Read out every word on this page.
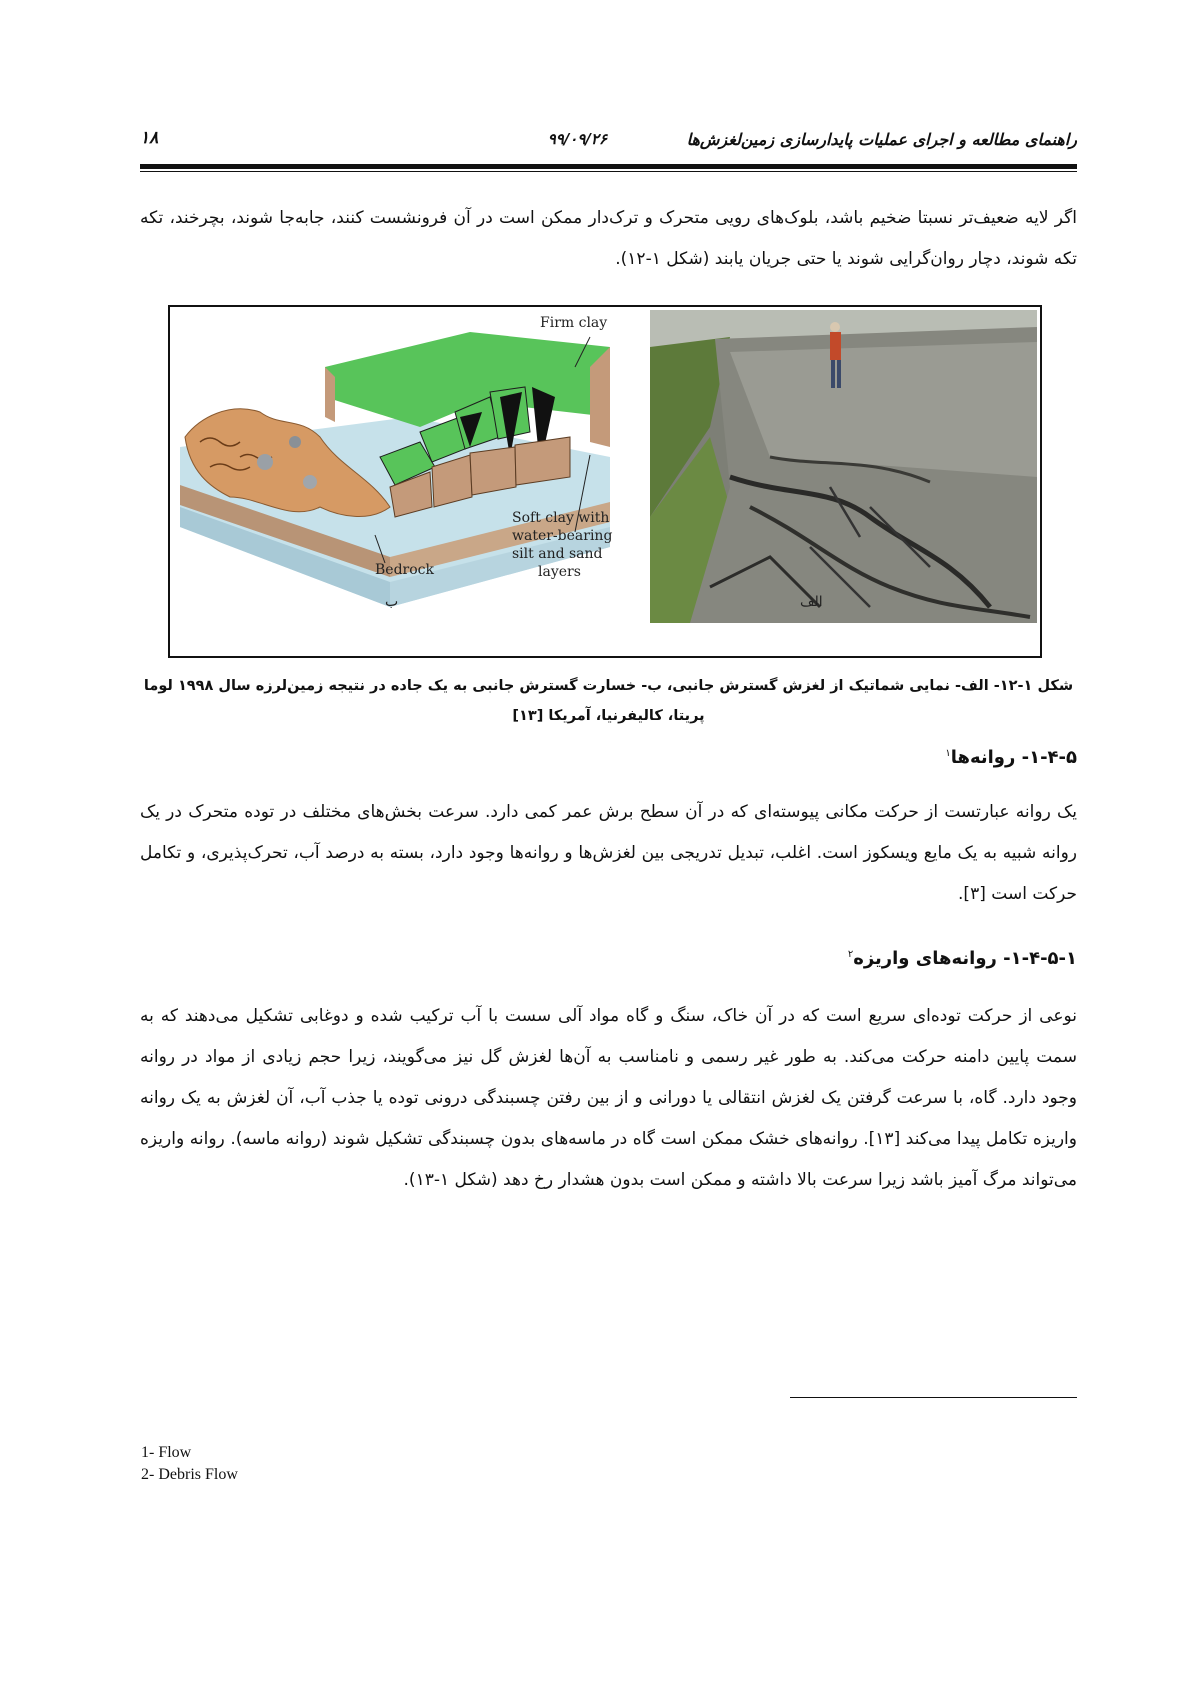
راهنمای مطالعه و اجرای عملیات پایدارسازی زمین‌لغزش‌ها
۹۹/۰۹/۲۶
۱۸

اگر لایه ضعیف‌تر نسبتا ضخیم باشد، بلوک‌های رویی متحرک و ترک‌دار ممکن است در آن فرونشست کنند، جابه‌جا شوند، بچرخند، تکه تکه شوند، دچار روان‌گرایی شوند یا حتی جریان یابند (شکل ۱-۱۲).

Firm clay
Soft clay with
water-bearing
silt and sand
layers
Bedrock
ب	الف
شکل ۱-۱۲- الف- نمایی شماتیک از لغزش گسترش جانبی، ب- خسارت گسترش جانبی به یک جاده در نتیجه زمین‌لرزه سال ۱۹۹۸ لوما
پریتا، کالیفرنیا، آمریکا [۱۳]
۱-۴-۵- روانه‌ها$^۱$

یک روانه عبارتست از حرکت مکانی پیوسته‌ای که در آن سطح برش عمر کمی دارد. سرعت بخش‌های مختلف در توده متحرک در یک روانه شبیه به یک مایع ویسکوز است. اغلب، تبدیل تدریجی بین لغزش‌ها و روانه‌ها وجود دارد، بسته به درصد آب، تحرک‌پذیری، و تکامل حرکت است [۳].

۱-۴-۵-۱- روانه‌های واریزه$^۲$

نوعی از حرکت توده‌ای سریع است که در آن خاک، سنگ و گاه مواد آلی سست با آب ترکیب شده و دوغابی تشکیل می‌دهند که به سمت پایین دامنه حرکت می‌کند. به طور غیر رسمی و نامناسب به آن‌ها لغزش گل نیز می‌گویند، زیرا حجم زیادی از مواد در روانه وجود دارد. گاه، با سرعت گرفتن یک لغزش انتقالی یا دورانی و از بین رفتن چسبندگی درونی توده یا جذب آب، آن لغزش به یک روانه واریزه تکامل پیدا می‌کند [۱۳]. روانه‌های خشک ممکن است گاه در ماسه‌های بدون چسبندگی تشکیل شوند (روانه ماسه). روانه واریزه می‌تواند مرگ آمیز باشد زیرا سرعت بالا داشته و ممکن است بدون هشدار رخ دهد (شکل ۱-۱۳).

1- Flow
2- Debris Flow
